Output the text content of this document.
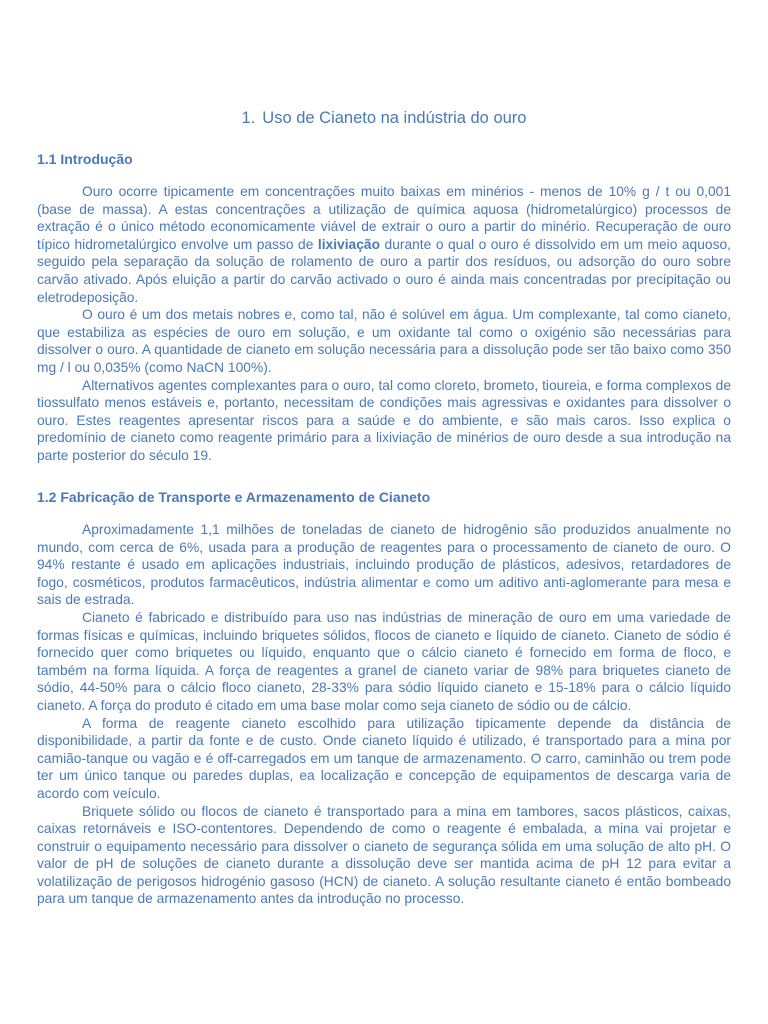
1. Uso de Cianeto na indústria do ouro
1.1 Introdução

Ouro ocorre tipicamente em concentrações muito baixas em minérios - menos de 10% g / t ou 0,001 (base de massa). A estas concentrações a utilização de química aquosa (hidrometalúrgico) processos de extração é o único método economicamente viável de extrair o ouro a partir do minério. Recuperação de ouro típico hidrometalúrgico envolve um passo de lixiviação durante o qual o ouro é dissolvido em um meio aquoso, seguido pela separação da solução de rolamento de ouro a partir dos resíduos, ou adsorção do ouro sobre carvão ativado. Após eluição a partir do carvão activado o ouro é ainda mais concentradas por precipitação ou eletrodeposição.

O ouro é um dos metais nobres e, como tal, não é solúvel em água. Um complexante, tal como cianeto, que estabiliza as espécies de ouro em solução, e um oxidante tal como o oxigénio são necessárias para dissolver o ouro. A quantidade de cianeto em solução necessária para a dissolução pode ser tão baixo como 350 mg / l ou 0,035% (como NaCN 100%).

Alternativos agentes complexantes para o ouro, tal como cloreto, brometo, tioureia, e forma complexos de tiossulfato menos estáveis e, portanto, necessitam de condições mais agressivas e oxidantes para dissolver o ouro. Estes reagentes apresentar riscos para a saúde e do ambiente, e são mais caros. Isso explica o predomínio de cianeto como reagente primário para a lixiviação de minérios de ouro desde a sua introdução na parte posterior do século 19.

1.2 Fabricação de Transporte e Armazenamento de Cianeto

Aproximadamente 1,1 milhões de toneladas de cianeto de hidrogênio são produzidos anualmente no mundo, com cerca de 6%, usada para a produção de reagentes para o processamento de cianeto de ouro. O 94% restante é usado em aplicações industriais, incluindo produção de plásticos, adesivos, retardadores de fogo, cosméticos, produtos farmacêuticos, indústria alimentar e como um aditivo anti-aglomerante para mesa e sais de estrada.

Cianeto é fabricado e distribuído para uso nas indústrias de mineração de ouro em uma variedade de formas físicas e químicas, incluindo briquetes sólidos, flocos de cianeto e líquido de cianeto. Cianeto de sódio é fornecido quer como briquetes ou líquido, enquanto que o cálcio cianeto é fornecido em forma de floco, e também na forma líquida. A força de reagentes a granel de cianeto variar de 98% para briquetes cianeto de sódio, 44-50% para o cálcio floco cianeto, 28-33% para sódio líquido cianeto e 15-18% para o cálcio líquido cianeto. A força do produto é citado em uma base molar como seja cianeto de sódio ou de cálcio.

A forma de reagente cianeto escolhido para utilização tipicamente depende da distância de disponibilidade, a partir da fonte e de custo. Onde cianeto líquido é utilizado, é transportado para a mina por camião-tanque ou vagão e é off-carregados em um tanque de armazenamento. O carro, caminhão ou trem pode ter um único tanque ou paredes duplas, ea localização e concepção de equipamentos de descarga varia de acordo com veículo.

Briquete sólido ou flocos de cianeto é transportado para a mina em tambores, sacos plásticos, caixas, caixas retornáveis e ISO-contentores. Dependendo de como o reagente é embalada, a mina vai projetar e construir o equipamento necessário para dissolver o cianeto de segurança sólida em uma solução de alto pH. O valor de pH de soluções de cianeto durante a dissolução deve ser mantida acima de pH 12 para evitar a volatilização de perigosos hidrogénio gasoso (HCN) de cianeto. A solução resultante cianeto é então bombeado para um tanque de armazenamento antes da introdução no processo.
